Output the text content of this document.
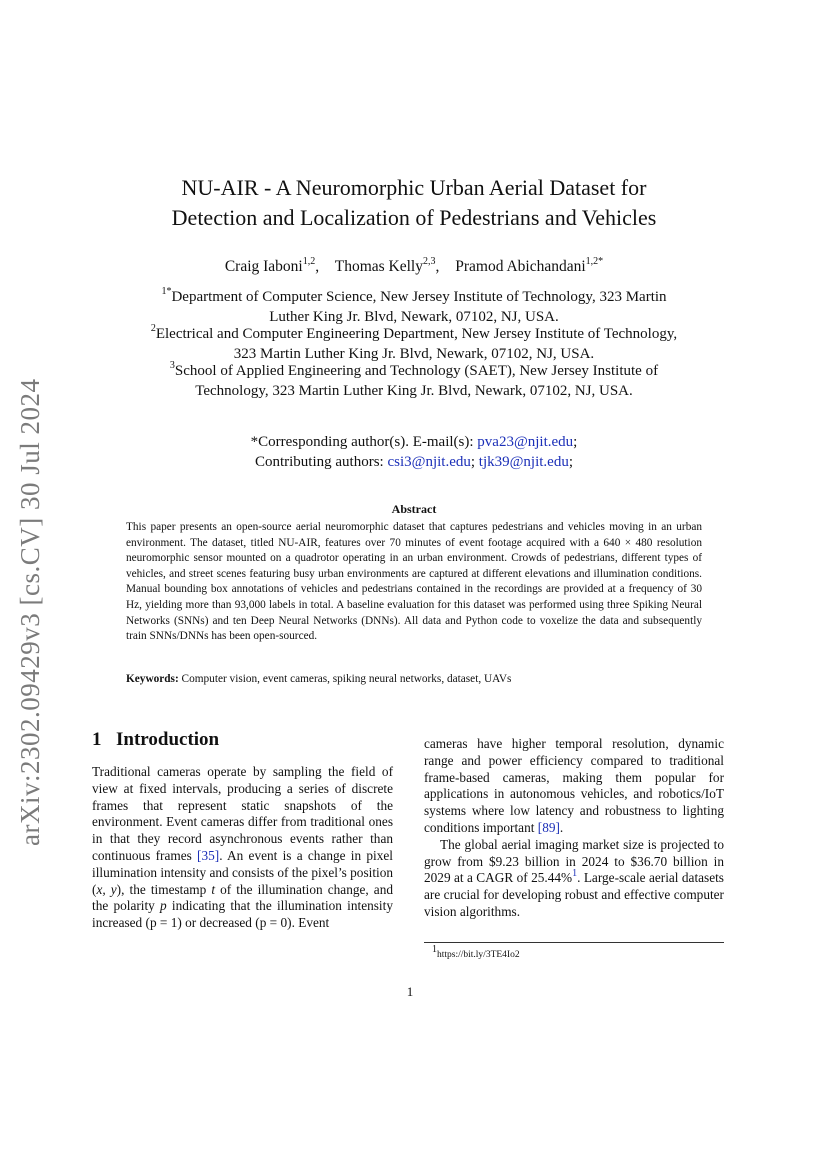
arXiv:2302.09429v3 [cs.CV] 30 Jul 2024
NU-AIR - A Neuromorphic Urban Aerial Dataset for
Detection and Localization of Pedestrians and Vehicles
Craig Iaboni$^{1,2}$, Thomas Kelly$^{2,3}$, Pramod Abichandani$^{1,2*}$
$^{1*}$Department of Computer Science, New Jersey Institute of Technology, 323 Martin
Luther King Jr. Blvd, Newark, 07102, NJ, USA.
$^2$Electrical and Computer Engineering Department, New Jersey Institute of Technology,
323 Martin Luther King Jr. Blvd, Newark, 07102, NJ, USA.
$^3$School of Applied Engineering and Technology (SAET), New Jersey Institute of
Technology, 323 Martin Luther King Jr. Blvd, Newark, 07102, NJ, USA.
*Corresponding author(s). E-mail(s): pva23@njit.edu;
Contributing authors: csi3@njit.edu; tjk39@njit.edu;
Abstract
This paper presents an open-source aerial neuromorphic dataset that captures pedestrians and vehicles moving in an urban environment. The dataset, titled NU-AIR, features over 70 minutes of event footage acquired with a 640 × 480 resolution neuromorphic sensor mounted on a quadrotor operating in an urban environment. Crowds of pedestrians, different types of vehicles, and street scenes featuring busy urban environments are captured at different elevations and illumination conditions. Manual bounding box annotations of vehicles and pedestrians contained in the recordings are provided at a frequency of 30 Hz, yielding more than 93,000 labels in total. A baseline evaluation for this dataset was performed using three Spiking Neural Networks (SNNs) and ten Deep Neural Networks (DNNs). All data and Python code to voxelize the data and subsequently train SNNs/DNNs has been open-sourced.
Keywords: Computer vision, event cameras, spiking neural networks, dataset, UAVs
1 Introduction
Traditional cameras operate by sampling the field of view at fixed intervals, producing a series of discrete frames that represent static snapshots of the environment. Event cameras differ from traditional ones in that they record asynchronous events rather than continuous frames [35]. An event is a change in pixel illumination intensity and consists of the pixel’s position (x, y), the timestamp t of the illumination change, and the polarity p indicating that the illumination intensity increased (p = 1) or decreased (p = 0). Event

cameras have higher temporal resolution, dynamic range and power efficiency compared to traditional frame-based cameras, making them popular for applications in autonomous vehicles, and robotics/IoT systems where low latency and robustness to lighting conditions important [89].

The global aerial imaging market size is projected to grow from $9.23 billion in 2024 to $36.70 billion in 2029 at a CAGR of 25.44%$^1$. Large-scale aerial datasets are crucial for developing robust and effective computer vision algorithms.

$^1$https://bit.ly/3TE4Io2
1
